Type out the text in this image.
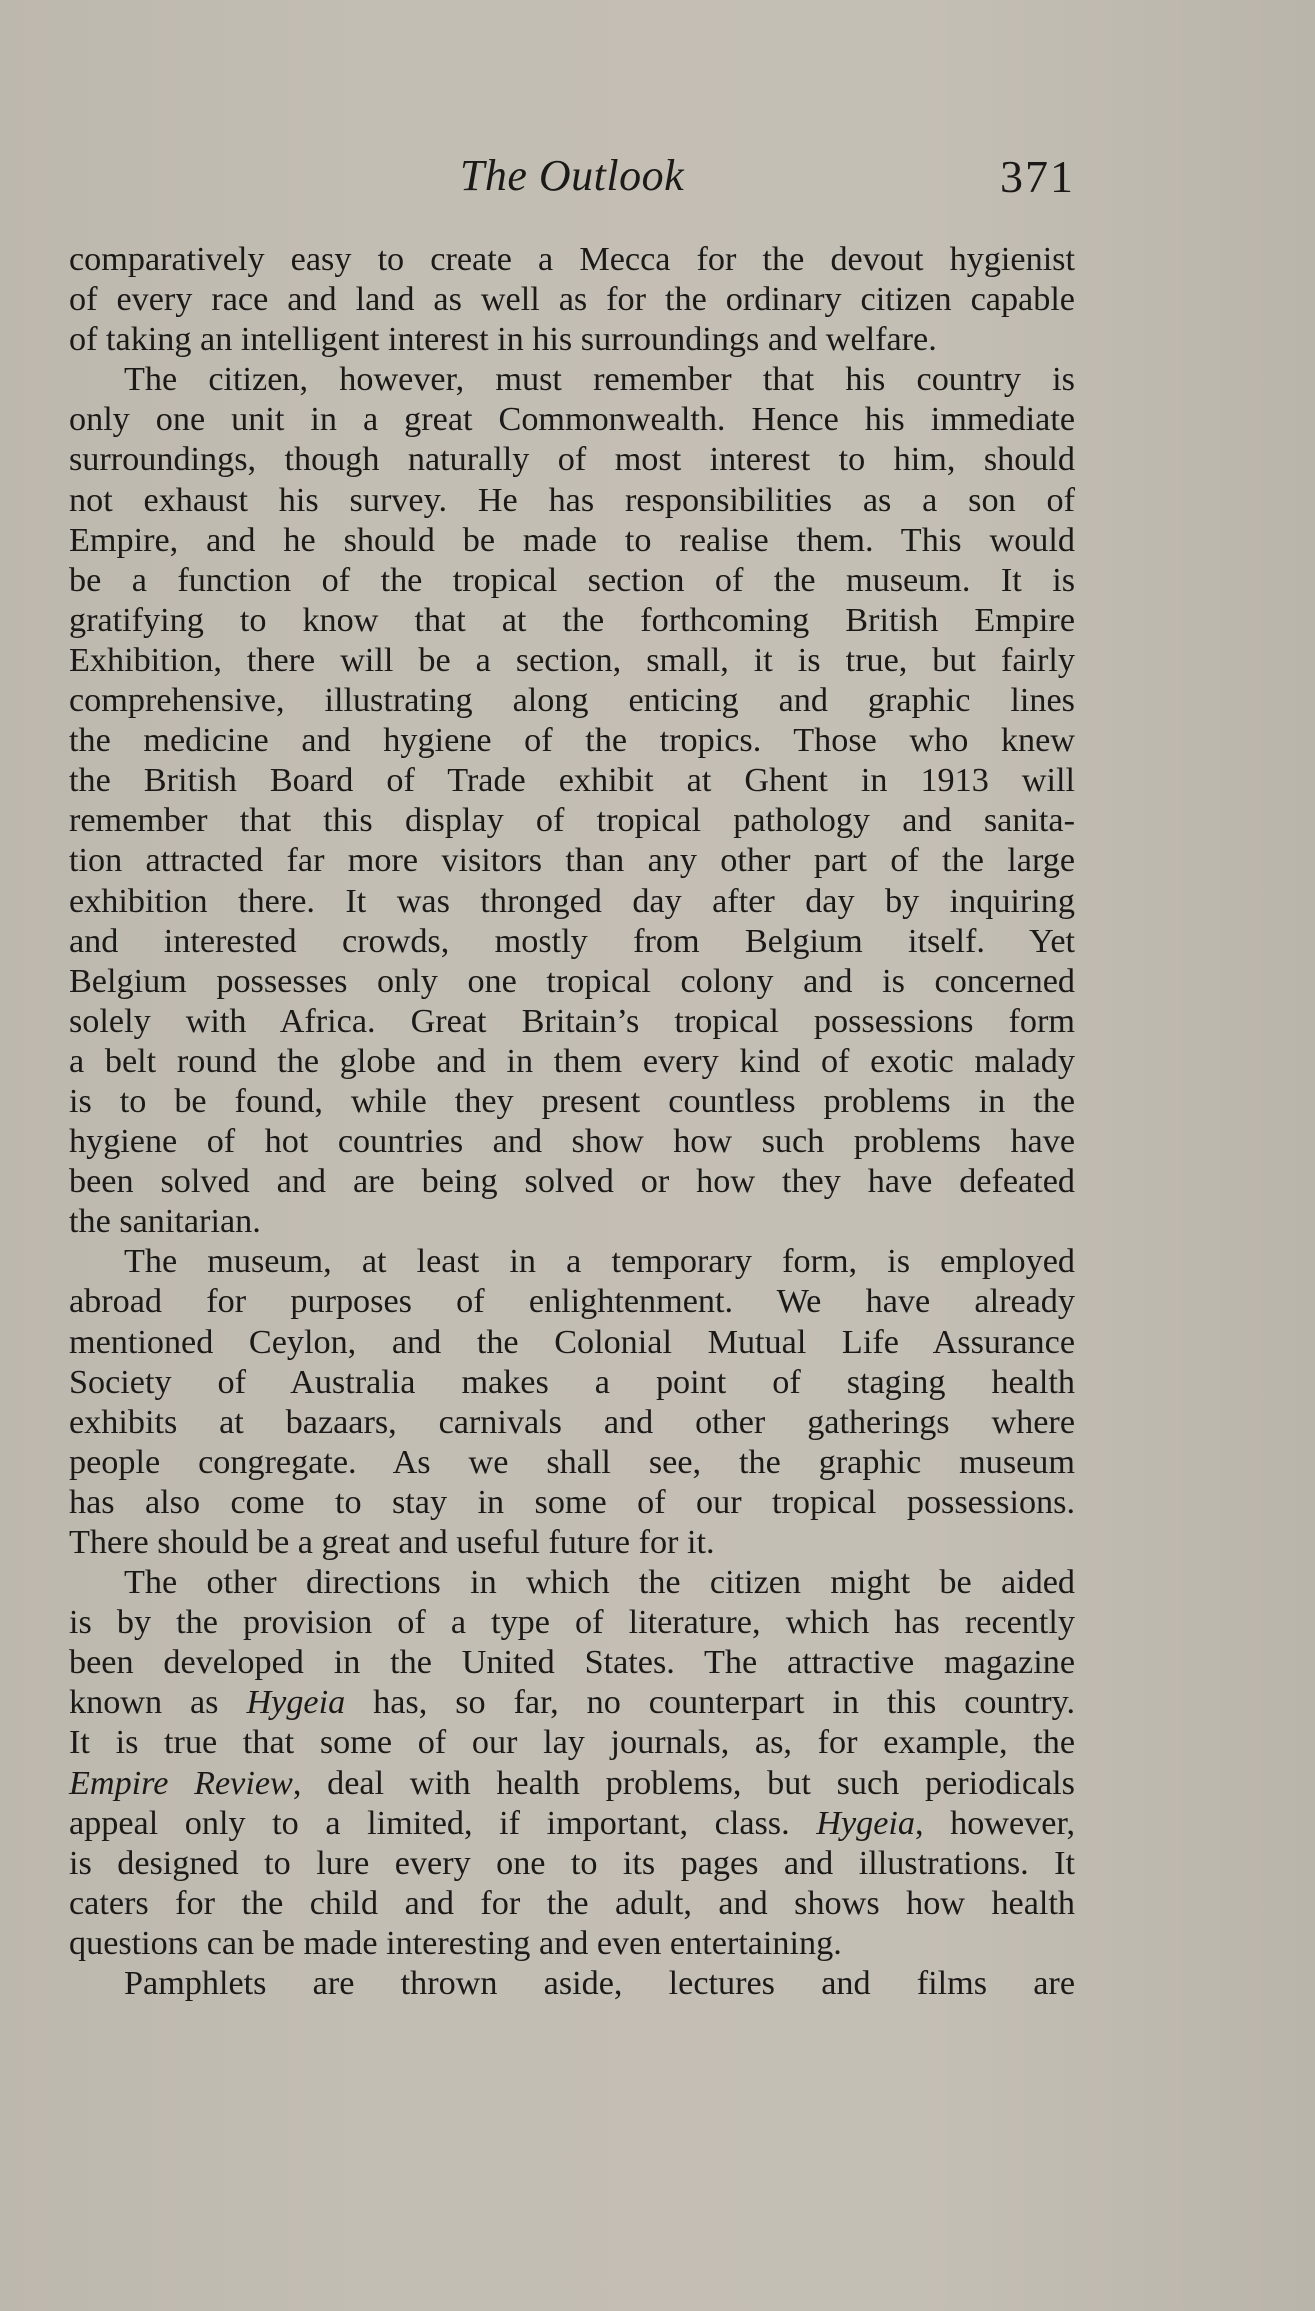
The Outlook	371
comparatively easy to create a Mecca for the devout hygienist
of every race and land as well as for the ordinary citizen capable
of taking an intelligent interest in his surroundings and welfare.
The citizen, however, must remember that his country is
only one unit in a great Commonwealth. Hence his immediate
surroundings, though naturally of most interest to him, should
not exhaust his survey. He has responsibilities as a son of
Empire, and he should be made to realise them. This would
be a function of the tropical section of the museum. It is
gratifying to know that at the forthcoming British Empire
Exhibition, there will be a section, small, it is true, but fairly
comprehensive, illustrating along enticing and graphic lines
the medicine and hygiene of the tropics. Those who knew
the British Board of Trade exhibit at Ghent in 1913 will
remember that this display of tropical pathology and sanita-
tion attracted far more visitors than any other part of the large
exhibition there. It was thronged day after day by inquiring
and interested crowds, mostly from Belgium itself. Yet
Belgium possesses only one tropical colony and is concerned
solely with Africa. Great Britain’s tropical possessions form
a belt round the globe and in them every kind of exotic malady
is to be found, while they present countless problems in the
hygiene of hot countries and show how such problems have
been solved and are being solved or how they have defeated
the sanitarian.
The museum, at least in a temporary form, is employed
abroad for purposes of enlightenment. We have already
mentioned Ceylon, and the Colonial Mutual Life Assurance
Society of Australia makes a point of staging health
exhibits at bazaars, carnivals and other gatherings where
people congregate. As we shall see, the graphic museum
has also come to stay in some of our tropical possessions.
There should be a great and useful future for it.
The other directions in which the citizen might be aided
is by the provision of a type of literature, which has recently
been developed in the United States. The attractive magazine
known as Hygeia has, so far, no counterpart in this country.
It is true that some of our lay journals, as, for example, the
Empire Review, deal with health problems, but such periodicals
appeal only to a limited, if important, class. Hygeia, however,
is designed to lure every one to its pages and illustrations. It
caters for the child and for the adult, and shows how health
questions can be made interesting and even entertaining.
Pamphlets are thrown aside, lectures and films are
